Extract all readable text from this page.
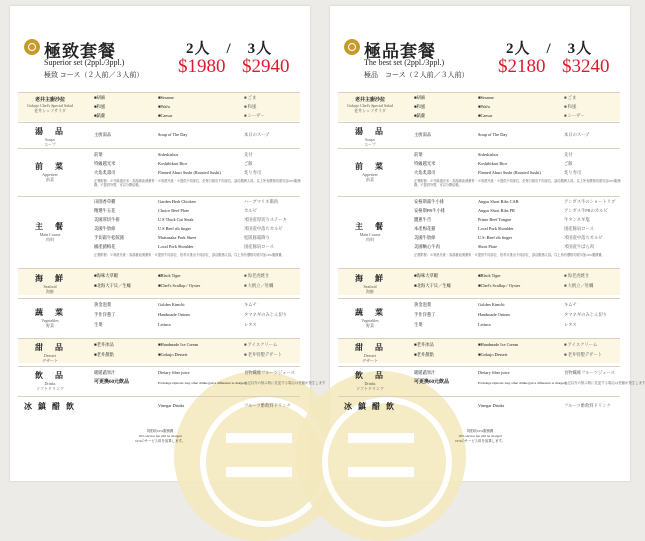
極致套餐	2人　/　3人
Superior set (2ppl./3ppl.)
極致 コース（２人前／３人前） $1980 $2940
老井主廚沙拉
Gokujo Chef's Special Salad
老井シェフサラダ
■胡麻	■Sesame	■ ごま
■和風	■Wafu	■ 和風
■凱薩	■Caesar	■ シーザー
湯　品
Soups
スープ
主廚湯品	Soup of The Day	本日のスープ
前　菜
Appetizer
前菜
前菜	Sideshishos	先付
特級越光米	Koshihikari Rice	ご飯
火焰炙壽司	Flamed Aburi Sushi (Roasted Sushi)	炙り寿司
正餐附餐：※升級越光米・高湯養油漬蕎麥・※易熟升級・※提供不同部位，依每月推出不同部位，請洽服務人員。以上所有價格均需另加10%服務費。不提供外帶，可以分開結帳。
主　餐
Main Course
肉料
田園香草雞	Garden Herb Chicken	ハーブマリネ鶏肉
精選牛五花	Choice Beef Plate	カルビ
美國厚切牛排	U.S Thick Cut Steak	米国産厚切りステーキ
美國牛肋條	U.S Beef rib finger	米国産中落ちカルビ
手切霜牛松阪豬	Matsusaka Pork Sheet	松阪豚霜降り
國產豬梅花	Local Pork Shoulder	国産豚肩ロース
正餐附餐：※易熟升級・高湯養油漬蕎麥・※提供不同部位，依每月推出不同部位，請洽服務人員。以上所有價格均需另加10%服務費。
海　鮮
Seafood
海鮮
■海味大草蝦	■Black Tiger	■ 海老虎焼き
■北海大干貝／生蠔	■Chef's Scallop / Oyster	■ 大帆立／牡蠣
蔬　菜
Vegetables
野菜
黃金泡菜	Golden Kimchi	キムチ
手作洋蔥丁	Handmade Onions	タマネギのみじん切り
生菜	Lettuce	レタス
甜　品
Dessert
デザート
■老井冰品	■Handmade Ice Cream	■ アイスクリーム
■老井甜點	■Gokujo Dessert	■ 老井特製デザート
飲　品
Drinks
ソフトドリンク
暖暖蔬果汁	Dietary fiber juice	食物繊維フルーツジュース
可更換60元飲品	Exchange Options: Any other drinks (price difference is charged)
上記以外の飲み物に変更する場合は差額が発生します
冰 鎮 醋 飲	Vinegar Drinks	フルーツ酢飲料ドリンク
均酌收10%服務費
10% service fee will be charged
10%のサービス料を加算します。
極品套餐	2人　/　3人
The best set (2ppl./3ppl.)
極品　コース（２人前／３人前） $2180 $3240
老井主廚沙拉
Gokujo Chef's Special Salad
老井シェフサラダ
■胡麻	■Sesame	■ ごま
■和風	■Wafu	■ 和風
■凱薩	■Caesar	■ シーザー
湯　品
Soups
スープ
主廚湯品	Soup of The Day	本日のスープ
前　菜
Appetizer
前菜
前菜	Sideshishos	先付
特級越光米	Koshihikari Rice	ご飯
火焰炙壽司	Flamed Aburi Sushi (Roasted Sushi)	炙り寿司
正餐附餐：※升級越光米・高湯養油漬蕎麥・※易熟升級・※提供不同部位，依每月推出不同部位，請洽服務人員。以上所有價格均需另加10%服務費。不提供外帶，可以分開結帳。
主　餐
Main Course
肉料
安格斯霜牛小排	Angus Short Ribs CAB	アンガス牛のショートリブ
安格斯PR牛小排	Angus Short Ribs PR	アンガス牛PRのカルビ
鹽蔥牛舌	Prime Beef Tongue	牛タンネギ塩
本產梅花豬	Local Pork Shoulder	国産豚肩ロース
美國牛肋條	U.S. Beef rib finger	米国産中落ちカルビ
美國軸心牛肉	Short Plate	米国産牛ばら肉
正餐附餐：※易熟升級・高湯養油漬蕎麥・※提供不同部位，依每月推出不同部位，請洽服務人員。以上所有價格均需另加10%服務費。
海　鮮
Seafood
海鮮
■海味大草蝦	■Black Tiger	■ 海老虎焼き
■北海大干貝／生蠔	■Chef's Scallop / Oyster	■ 大帆立／牡蠣
蔬　菜
Vegetables
野菜
黃金泡菜	Golden Kimchi	キムチ
手作洋蔥丁	Handmade Onions	タマネギのみじん切り
生菜	Lettuce	レタス
甜　品
Dessert
デザート
■老井冰品	■Handmade Ice Cream	■ アイスクリーム
■老井甜點	■Gokujo Dessert	■ 老井特製デザート
飲　品
Drinks
ソフトドリンク
暖暖蔬果汁	Dietary fiber juice	食物繊維フルーツジュース
可更換60元飲品	Exchange Options: Any other drinks (price difference is charged)
上記以外の飲み物に変更する場合は差額が発生します
冰 鎮 醋 飲	Vinegar Drinks	フルーツ酢飲料ドリンク
均酌收10%服務費
10% service fee will be charged
10%のサービス料を加算します。
